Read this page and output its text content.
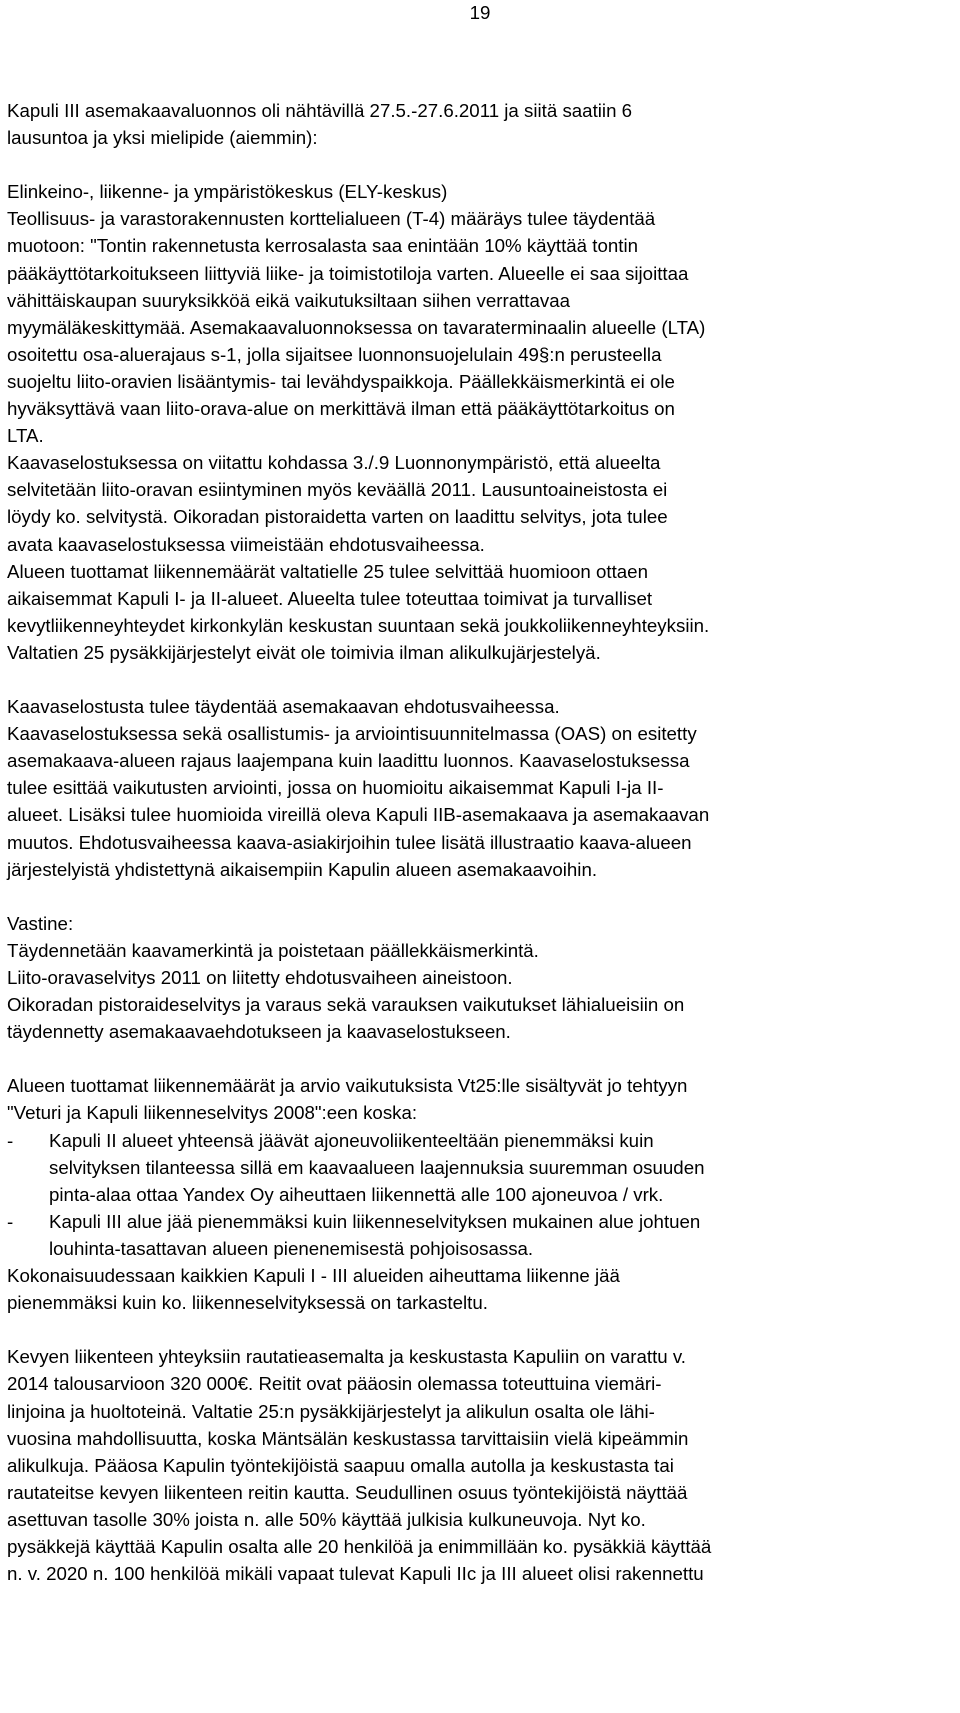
19
Kapuli III asemakaavaluonnos oli nähtävillä 27.5.-27.6.2011 ja siitä saatiin 6
lausuntoa ja yksi mielipide (aiemmin):
Elinkeino-, liikenne- ja ympäristökeskus (ELY-keskus)
Teollisuus- ja varastorakennusten korttelialueen (T-4) määräys tulee täydentää
muotoon: "Tontin rakennetusta kerrosalasta saa enintään 10% käyttää tontin
pääkäyttötarkoitukseen liittyviä liike- ja toimistotiloja varten. Alueelle ei saa sijoittaa
vähittäiskaupan suuryksikköä eikä vaikutuksiltaan siihen verrattavaa
myymäläkeskittymää. Asemakaavaluonnoksessa on tavaraterminaalin alueelle (LTA)
osoitettu osa-aluerajaus s-1, jolla sijaitsee luonnonsuojelulain 49§:n perusteella
suojeltu liito-oravien lisääntymis- tai levähdyspaikkoja. Päällekkäismerkintä ei ole
hyväksyttävä vaan liito-orava-alue on merkittävä ilman että pääkäyttötarkoitus on
LTA.
Kaavaselostuksessa on viitattu kohdassa 3./.9 Luonnonympäristö, että alueelta
selvitetään liito-oravan esiintyminen myös keväällä 2011. Lausuntoaineistosta ei
löydy ko. selvitystä. Oikoradan pistoraidetta varten on laadittu selvitys, jota tulee
avata kaavaselostuksessa viimeistään ehdotusvaiheessa.
Alueen tuottamat liikennemäärät valtatielle 25 tulee selvittää huomioon ottaen
aikaisemmat Kapuli I- ja II-alueet. Alueelta tulee toteuttaa toimivat ja turvalliset
kevytliikenneyhteydet kirkonkylän keskustan suuntaan sekä joukkoliikenneyhteyksiin.
Valtatien 25 pysäkkijärjestelyt eivät ole toimivia ilman alikulkujärjestelyä.
Kaavaselostusta tulee täydentää asemakaavan ehdotusvaiheessa.
Kaavaselostuksessa sekä osallistumis- ja arviointisuunnitelmassa (OAS) on esitetty
asemakaava-alueen rajaus laajempana kuin laadittu luonnos. Kaavaselostuksessa
tulee esittää vaikutusten arviointi, jossa on huomioitu aikaisemmat Kapuli I-ja II-
alueet. Lisäksi tulee huomioida vireillä oleva Kapuli IIB-asemakaava ja asemakaavan
muutos. Ehdotusvaiheessa kaava-asiakirjoihin tulee lisätä illustraatio kaava-alueen
järjestelyistä yhdistettynä aikaisempiin Kapulin alueen asemakaavoihin.
Vastine:
Täydennetään kaavamerkintä ja poistetaan päällekkäismerkintä.
Liito-oravaselvitys 2011 on liitetty ehdotusvaiheen aineistoon.
Oikoradan pistoraideselvitys ja varaus sekä varauksen vaikutukset lähialueisiin on
täydennetty asemakaavaehdotukseen ja kaavaselostukseen.
Alueen tuottamat liikennemäärät ja arvio vaikutuksista Vt25:lle sisältyvät jo tehtyyn
"Veturi ja Kapuli liikenneselvitys 2008":een koska:
- Kapuli II alueet yhteensä jäävät ajoneuvoliikenteeltään pienemmäksi kuin
selvityksen tilanteessa sillä em kaavaalueen laajennuksia suuremman osuuden
pinta-alaa ottaa Yandex Oy aiheuttaen liikennettä alle 100 ajoneuvoa / vrk.
- Kapuli III alue jää pienemmäksi kuin liikenneselvityksen mukainen alue johtuen
louhinta-tasattavan alueen pienenemisestä pohjoisosassa.
Kokonaisuudessaan kaikkien Kapuli I - III alueiden aiheuttama liikenne jää
pienemmäksi kuin ko. liikenneselvityksessä on tarkasteltu.
Kevyen liikenteen yhteyksiin rautatieasemalta ja keskustasta Kapuliin on varattu v.
2014 talousarvioon 320 000€. Reitit ovat pääosin olemassa toteuttuina viemäri-
linjoina ja huoltoteinä. Valtatie 25:n pysäkkijärjestelyt ja alikulun osalta ole lähi-
vuosina mahdollisuutta, koska Mäntsälän keskustassa tarvittaisiin vielä kipeämmin
alikulkuja. Pääosa Kapulin työntekijöistä saapuu omalla autolla ja keskustasta tai
rautateitse kevyen liikenteen reitin kautta. Seudullinen osuus työntekijöistä näyttää
asettuvan tasolle 30% joista n. alle 50% käyttää julkisia kulkuneuvoja. Nyt ko.
pysäkkejä käyttää Kapulin osalta alle 20 henkilöä ja enimmillään ko. pysäkkiä käyttää
n. v. 2020 n. 100 henkilöä mikäli vapaat tulevat Kapuli IIc ja III alueet olisi rakennettu
